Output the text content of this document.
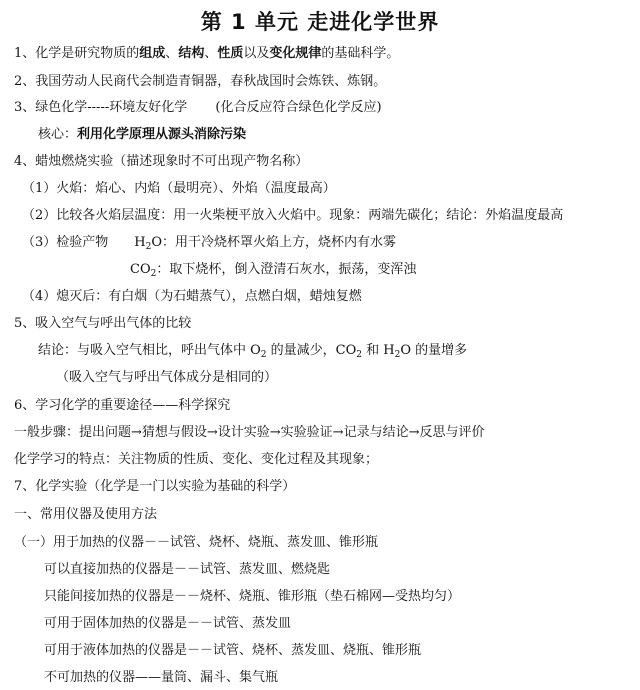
第 1 单元 走进化学世界
1、化学是研究物质的组成、结构、性质以及变化规律的基础科学。
2、我国劳动人民商代会制造青铜器，春秋战国时会炼铁、炼钢。
3、绿色化学-----环境友好化学 (化合反应符合绿色化学反应)
核心：利用化学原理从源头消除污染
4、蜡烛燃烧实验（描述现象时不可出现产物名称）
（1）火焰：焰心、内焰（最明亮）、外焰（温度最高）
（2）比较各火焰层温度：用一火柴梗平放入火焰中。现象：两端先碳化；结论：外焰温度最高
（3）检验产物 $H_2O$：用干冷烧杯罩火焰上方，烧杯内有水雾
$CO_2$：取下烧杯，倒入澄清石灰水，振荡，变浑浊
（4）熄灭后：有白烟（为石蜡蒸气），点燃白烟，蜡烛复燃
5、吸入空气与呼出气体的比较
结论：与吸入空气相比，呼出气体中 $O_2$ 的量减少，$CO_2$ 和 $H_2O$ 的量增多
（吸入空气与呼出气体成分是相同的）
6、学习化学的重要途径——科学探究
一般步骤：提出问题→猜想与假设→设计实验→实验验证→记录与结论→反思与评价
化学学习的特点：关注物质的性质、变化、变化过程及其现象；
7、化学实验（化学是一门以实验为基础的科学）
一、常用仪器及使用方法
（一）用于加热的仪器－－试管、烧杯、烧瓶、蒸发皿、锥形瓶
可以直接加热的仪器是－－试管、蒸发皿、燃烧匙
只能间接加热的仪器是－－烧杯、烧瓶、锥形瓶（垫石棉网—受热均匀）
可用于固体加热的仪器是－－试管、蒸发皿
可用于液体加热的仪器是－－试管、烧杯、蒸发皿、烧瓶、锥形瓶
不可加热的仪器——量筒、漏斗、集气瓶
